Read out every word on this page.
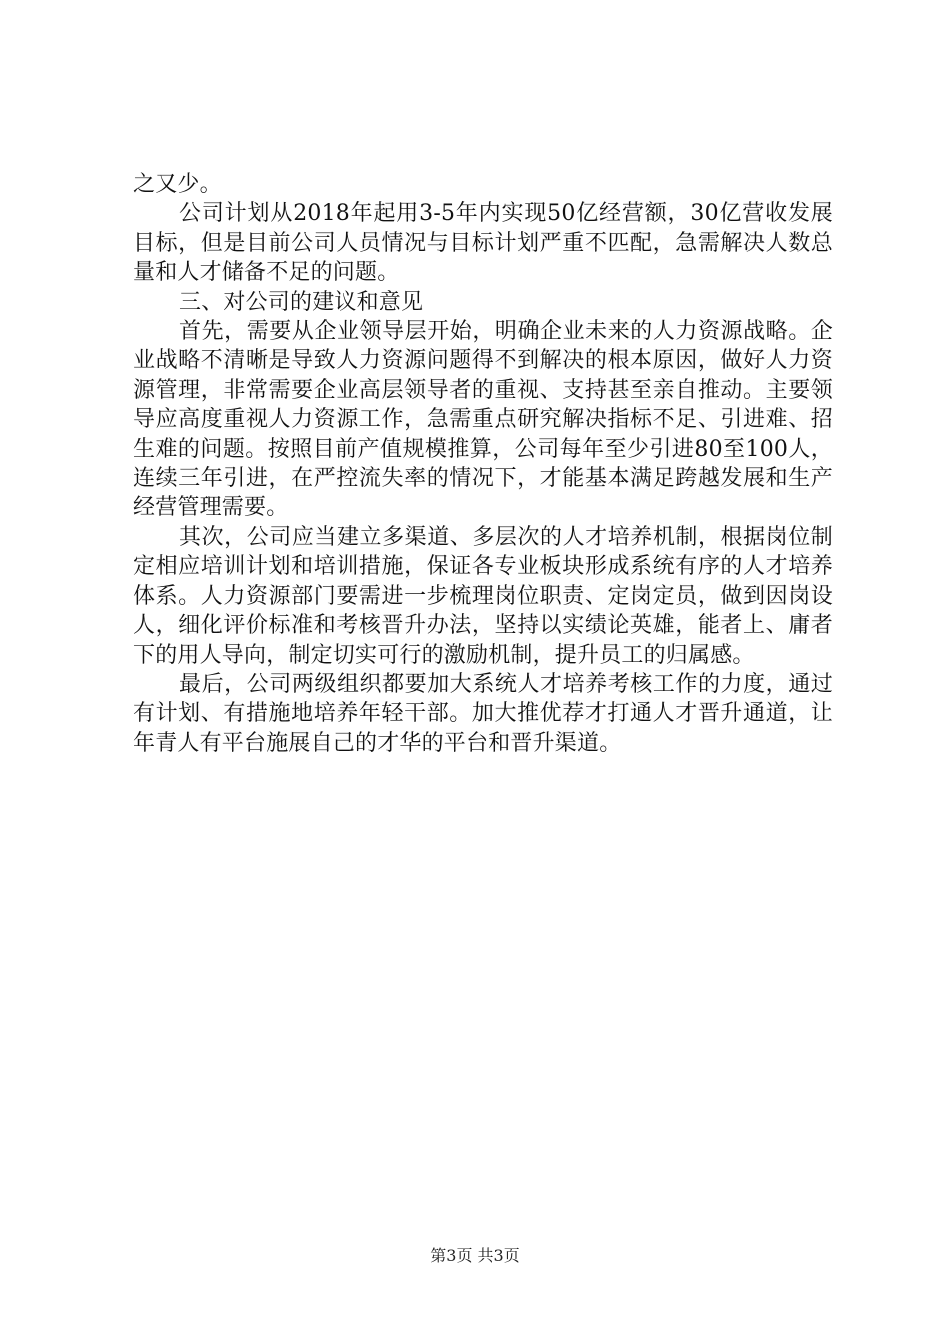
之又少。

公司计划从2018年起用3-5年内实现50亿经营额，30亿营收发展目标，但是目前公司人员情况与目标计划严重不匹配，急需解决人数总量和人才储备不足的问题。

三、对公司的建议和意见

首先，需要从企业领导层开始，明确企业未来的人力资源战略。企业战略不清晰是导致人力资源问题得不到解决的根本原因，做好人力资源管理，非常需要企业高层领导者的重视、支持甚至亲自推动。主要领导应高度重视人力资源工作，急需重点研究解决指标不足、引进难、招生难的问题。按照目前产值规模推算，公司每年至少引进80至100人，连续三年引进，在严控流失率的情况下，才能基本满足跨越发展和生产经营管理需要。

其次，公司应当建立多渠道、多层次的人才培养机制，根据岗位制定相应培训计划和培训措施，保证各专业板块形成系统有序的人才培养体系。人力资源部门要需进一步梳理岗位职责、定岗定员，做到因岗设人，细化评价标准和考核晋升办法，坚持以实绩论英雄，能者上、庸者下的用人导向，制定切实可行的激励机制，提升员工的归属感。

最后，公司两级组织都要加大系统人才培养考核工作的力度，通过有计划、有措施地培养年轻干部。加大推优荐才打通人才晋升通道，让年青人有平台施展自己的才华的平台和晋升渠道。

第3页 共3页
